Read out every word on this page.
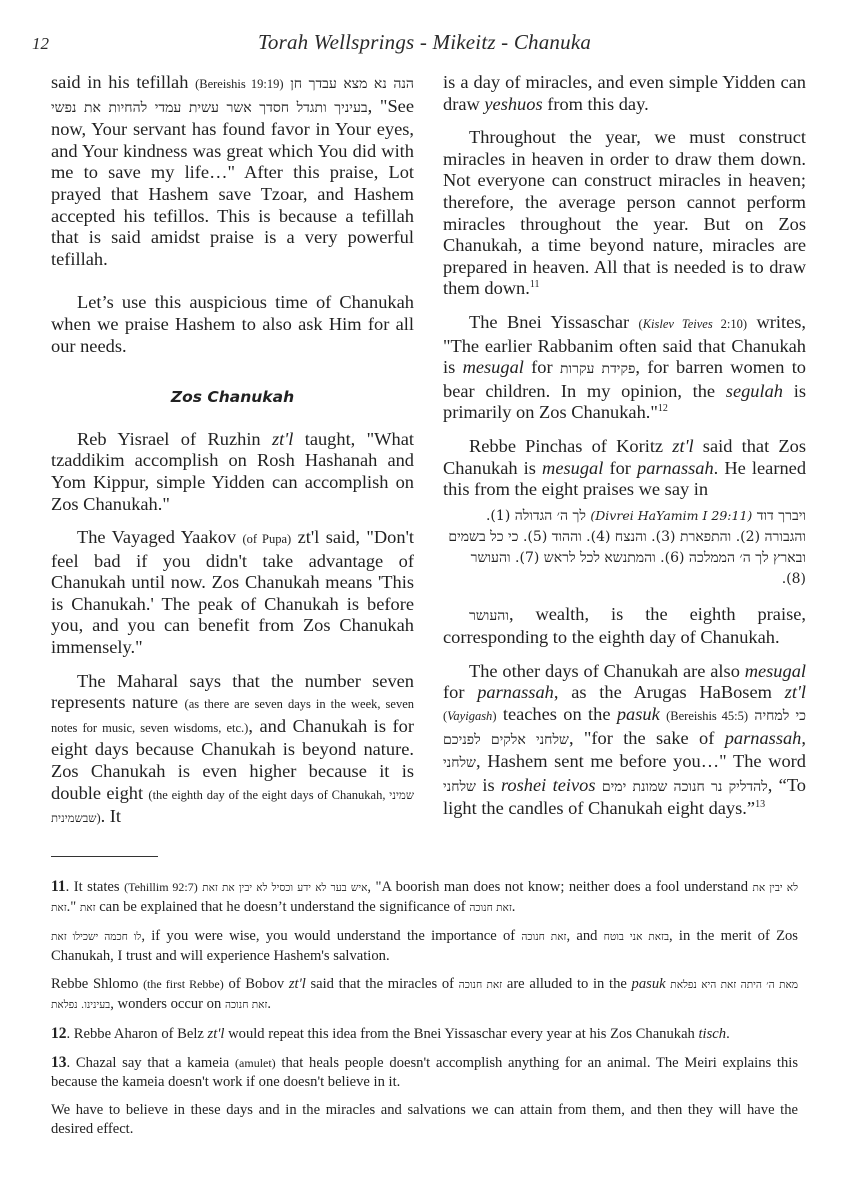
12	Torah Wellsprings - Mikeitz - Chanuka

said in his tefillah (Bereishis 19:19) הנה נא מצא עבדך חן בעיניך ותגדל חסדך אשר עשית עמדי להחיות את נפשי, "See now, Your servant has found favor in Your eyes, and Your kindness was great which You did with me to save my life…" After this praise, Lot prayed that Hashem save Tzoar, and Hashem accepted his tefillos. This is because a tefillah that is said amidst praise is a very powerful tefillah.

Let’s use this auspicious time of Chanukah when we praise Hashem to also ask Him for all our needs.

Zos Chanukah

Reb Yisrael of Ruzhin zt'l taught, "What tzaddikim accomplish on Rosh Hashanah and Yom Kippur, simple Yidden can accomplish on Zos Chanukah."

The Vayaged Yaakov (of Pupa) zt'l said, "Don't feel bad if you didn't take advantage of Chanukah until now. Zos Chanukah means 'This is Chanukah.' The peak of Chanukah is before you, and you can benefit from Zos Chanukah immensely."

The Maharal says that the number seven represents nature (as there are seven days in the week, seven notes for music, seven wisdoms, etc.), and Chanukah is for eight days because Chanukah is beyond nature. Zos Chanukah is even higher because it is double eight (the eighth day of the eight days of Chanukah, שמיני שבשמינית). It

is a day of miracles, and even simple Yidden can draw yeshuos from this day.

Throughout the year, we must construct miracles in heaven in order to draw them down. Not everyone can construct miracles in heaven; therefore, the average person cannot perform miracles throughout the year. But on Zos Chanukah, a time beyond nature, miracles are prepared in heaven. All that is needed is to draw them down.$^{11}$

The Bnei Yissaschar (Kislev Teives 2:10) writes, "The earlier Rabbanim often said that Chanukah is mesugal for פקידת עקרות, for barren women to bear children. In my opinion, the segulah is primarily on Zos Chanukah."$^{12}$

Rebbe Pinchas of Koritz zt'l said that Zos Chanukah is mesugal for parnassah. He learned this from the eight praises we say in

ויברך דוד (Divrei HaYamim I 29:11) לך ה׳ הגדולה (1). והגבורה (2). והתפארת (3). והנצח (4). וההוד (5). כי כל בשמים ובארץ לך ה׳ הממלכה (6). והמתנשא לכל לראש (7). והעושר (8).

והעושר, wealth, is the eighth praise, corresponding to the eighth day of Chanukah.

The other days of Chanukah are also mesugal for parnassah, as the Arugas HaBosem zt'l (Vayigash) teaches on the pasuk (Bereishis 45:5) כי למחיה שלחני אלקים לפניכם, "for the sake of parnassah, שלחני, Hashem sent me before you…" The word שלחני is roshei teivos להדליק נר חנוכה שמונת ימים, “To light the candles of Chanukah eight days.”$^{13}$

11. It states (Tehillim 92:7) איש בער לא ידע וכסיל לא יבין את זאת, "A boorish man does not know; neither does a fool understand לא יבין את זאת." זאת can be explained that he doesn’t understand the significance of זאת חנוכה.

לו חכמה ישכילו זאת, if you were wise, you would understand the importance of זאת חנוכה, and בזאת אני בוטח, in the merit of Zos Chanukah, I trust and will experience Hashem's salvation.

Rebbe Shlomo (the first Rebbe) of Bobov zt'l said that the miracles of זאת חנוכה are alluded to in the pasuk מאת ה׳ היתה זאת היא נפלאת בעינינו. נפלאת, wonders occur on זאת חנוכה.

12. Rebbe Aharon of Belz zt'l would repeat this idea from the Bnei Yissaschar every year at his Zos Chanukah tisch.

13. Chazal say that a kameia (amulet) that heals people doesn't accomplish anything for an animal. The Meiri explains this because the kameia doesn't work if one doesn't believe in it.

We have to believe in these days and in the miracles and salvations we can attain from them, and then they will have the desired effect.
